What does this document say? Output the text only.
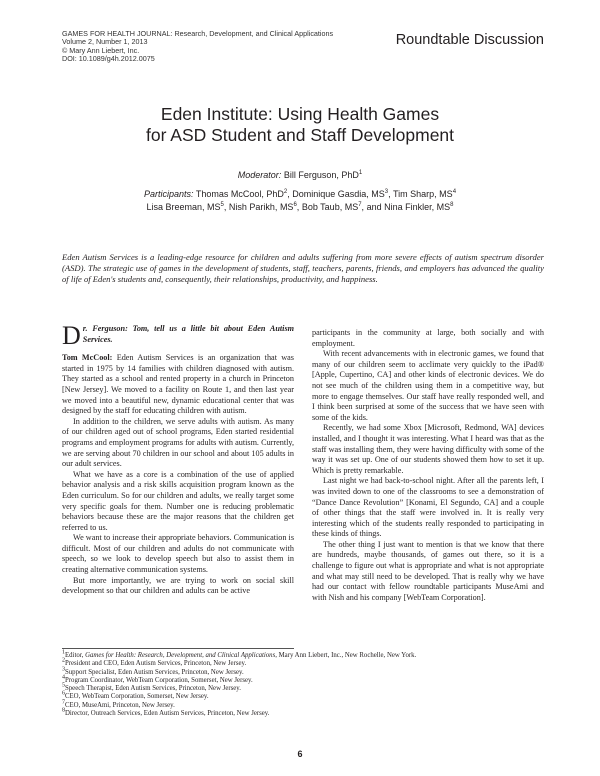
GAMES FOR HEALTH JOURNAL: Research, Development, and Clinical Applications
Volume 2, Number 1, 2013
© Mary Ann Liebert, Inc.
DOI: 10.1089/g4h.2012.0075
Roundtable Discussion
Eden Institute: Using Health Games
for ASD Student and Staff Development
Moderator: Bill Ferguson, PhD$^1$
Participants: Thomas McCool, PhD$^2$, Dominique Gasdia, $MS^3$, Tim Sharp, $MS^4$
Lisa Breeman, $MS^5$, Nish Parikh, $MS^6$, Bob Taub, $MS^7$, and Nina Finkler, $MS^8$
Eden Autism Services is a leading-edge resource for children and adults suffering from more severe effects of autism spectrum disorder (ASD). The strategic use of games in the development of students, staff, teachers, parents, friends, and employers has advanced the quality of life of Eden's students and, consequently, their relationships, productivity, and happiness.

Dr. Ferguson: Tom, tell us a little bit about Eden Autism Services.

Tom McCool: Eden Autism Services is an organization that was started in 1975 by 14 families with children diagnosed with autism. They started as a school and rented property in a church in Princeton [New Jersey]. We moved to a facility on Route 1, and then last year we moved into a beautiful new, dynamic educational center that was designed by the staff for educating children with autism.

In addition to the children, we serve adults with autism. As many of our children aged out of school programs, Eden started residential programs and employment programs for adults with autism. Currently, we are serving about 70 children in our school and about 105 adults in our adult services.

What we have as a core is a combination of the use of applied behavior analysis and a risk skills acquisition program known as the Eden curriculum. So for our children and adults, we really target some very specific goals for them. Number one is reducing problematic behaviors because these are the major reasons that the children get referred to us.

We want to increase their appropriate behaviors. Communication is difficult. Most of our children and adults do not communicate with speech, so we look to develop speech but also to assist them in creating alternative communication systems.

But more importantly, we are trying to work on social skill development so that our children and adults can be active

participants in the community at large, both socially and with employment.

With recent advancements with in electronic games, we found that many of our children seem to acclimate very quickly to the iPad® [Apple, Cupertino, CA] and other kinds of electronic devices. We do not see much of the children using them in a competitive way, but more to engage themselves. Our staff have really responded well, and I think been surprised at some of the success that we have seen with some of the kids.

Recently, we had some Xbox [Microsoft, Redmond, WA] devices installed, and I thought it was interesting. What I heard was that as the staff was installing them, they were having difficulty with some of the way it was set up. One of our students showed them how to set it up. Which is pretty remarkable.

Last night we had back-to-school night. After all the parents left, I was invited down to one of the classrooms to see a demonstration of “Dance Dance Revolution” [Konami, El Segundo, CA] and a couple of other things that the staff were involved in. It is really very interesting which of the students really responded to participating in these kinds of things.

The other thing I just want to mention is that we know that there are hundreds, maybe thousands, of games out there, so it is a challenge to figure out what is appropriate and what is not appropriate and what may still need to be developed. That is really why we have had our contact with fellow roundtable participants MuseAmi and with Nish and his company [WebTeam Corporation].

$^1$Editor, Games for Health: Research, Development, and Clinical Applications, Mary Ann Liebert, Inc., New Rochelle, New York.
$^2$President and CEO, Eden Autism Services, Princeton, New Jersey.
$^3$Support Specialist, Eden Autism Services, Princeton, New Jersey.
$^4$Program Coordinator, WebTeam Corporation, Somerset, New Jersey.
$^5$Speech Therapist, Eden Autism Services, Princeton, New Jersey.
$^6$CEO, WebTeam Corporation, Somerset, New Jersey.
$^7$CEO, MuseAmi, Princeton, New Jersey.
$^8$Director, Outreach Services, Eden Autism Services, Princeton, New Jersey.
6
